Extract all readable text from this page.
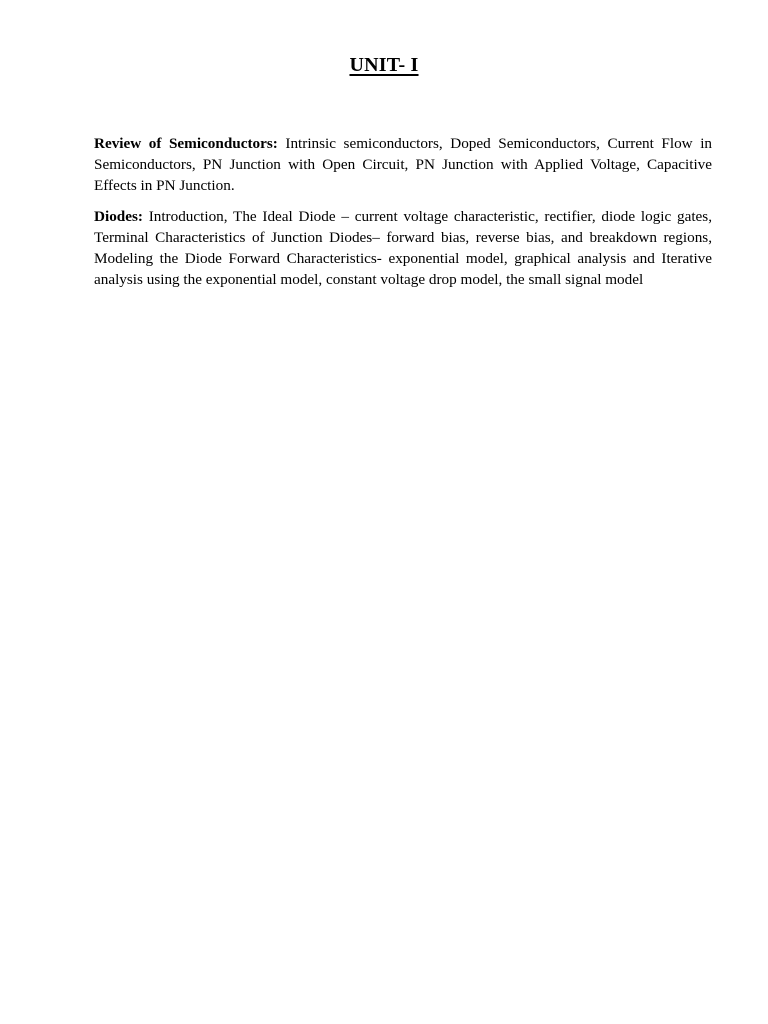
UNIT- I

Review of Semiconductors: Intrinsic semiconductors, Doped Semiconductors, Current Flow in Semiconductors, PN Junction with Open Circuit, PN Junction with Applied Voltage, Capacitive Effects in PN Junction.

Diodes: Introduction, The Ideal Diode – current voltage characteristic, rectifier, diode logic gates, Terminal Characteristics of Junction Diodes– forward bias, reverse bias, and breakdown regions, Modeling the Diode Forward Characteristics- exponential model, graphical analysis and Iterative analysis using the exponential model, constant voltage drop model, the small signal model
